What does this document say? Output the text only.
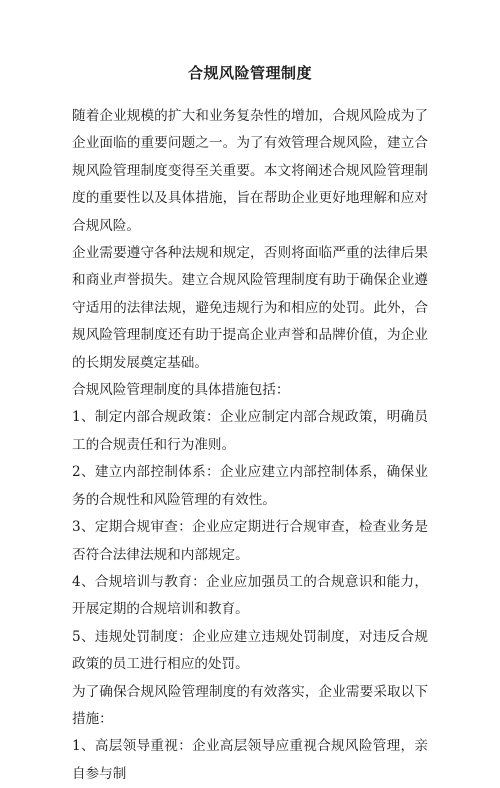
合规风险管理制度

随着企业规模的扩大和业务复杂性的增加，合规风险成为了企业面临的重要问题之一。为了有效管理合规风险，建立合规风险管理制度变得至关重要。本文将阐述合规风险管理制度的重要性以及具体措施，旨在帮助企业更好地理解和应对合规风险。

企业需要遵守各种法规和规定，否则将面临严重的法律后果和商业声誉损失。建立合规风险管理制度有助于确保企业遵守适用的法律法规，避免违规行为和相应的处罚。此外，合规风险管理制度还有助于提高企业声誉和品牌价值，为企业的长期发展奠定基础。

合规风险管理制度的具体措施包括：

1、制定内部合规政策：企业应制定内部合规政策，明确员工的合规责任和行为准则。

2、建立内部控制体系：企业应建立内部控制体系，确保业务的合规性和风险管理的有效性。

3、定期合规审查：企业应定期进行合规审查，检查业务是否符合法律法规和内部规定。

4、合规培训与教育：企业应加强员工的合规意识和能力，开展定期的合规培训和教育。

5、违规处罚制度：企业应建立违规处罚制度，对违反合规政策的员工进行相应的处罚。

为了确保合规风险管理制度的有效落实，企业需要采取以下措施：

1、高层领导重视：企业高层领导应重视合规风险管理，亲自参与制
